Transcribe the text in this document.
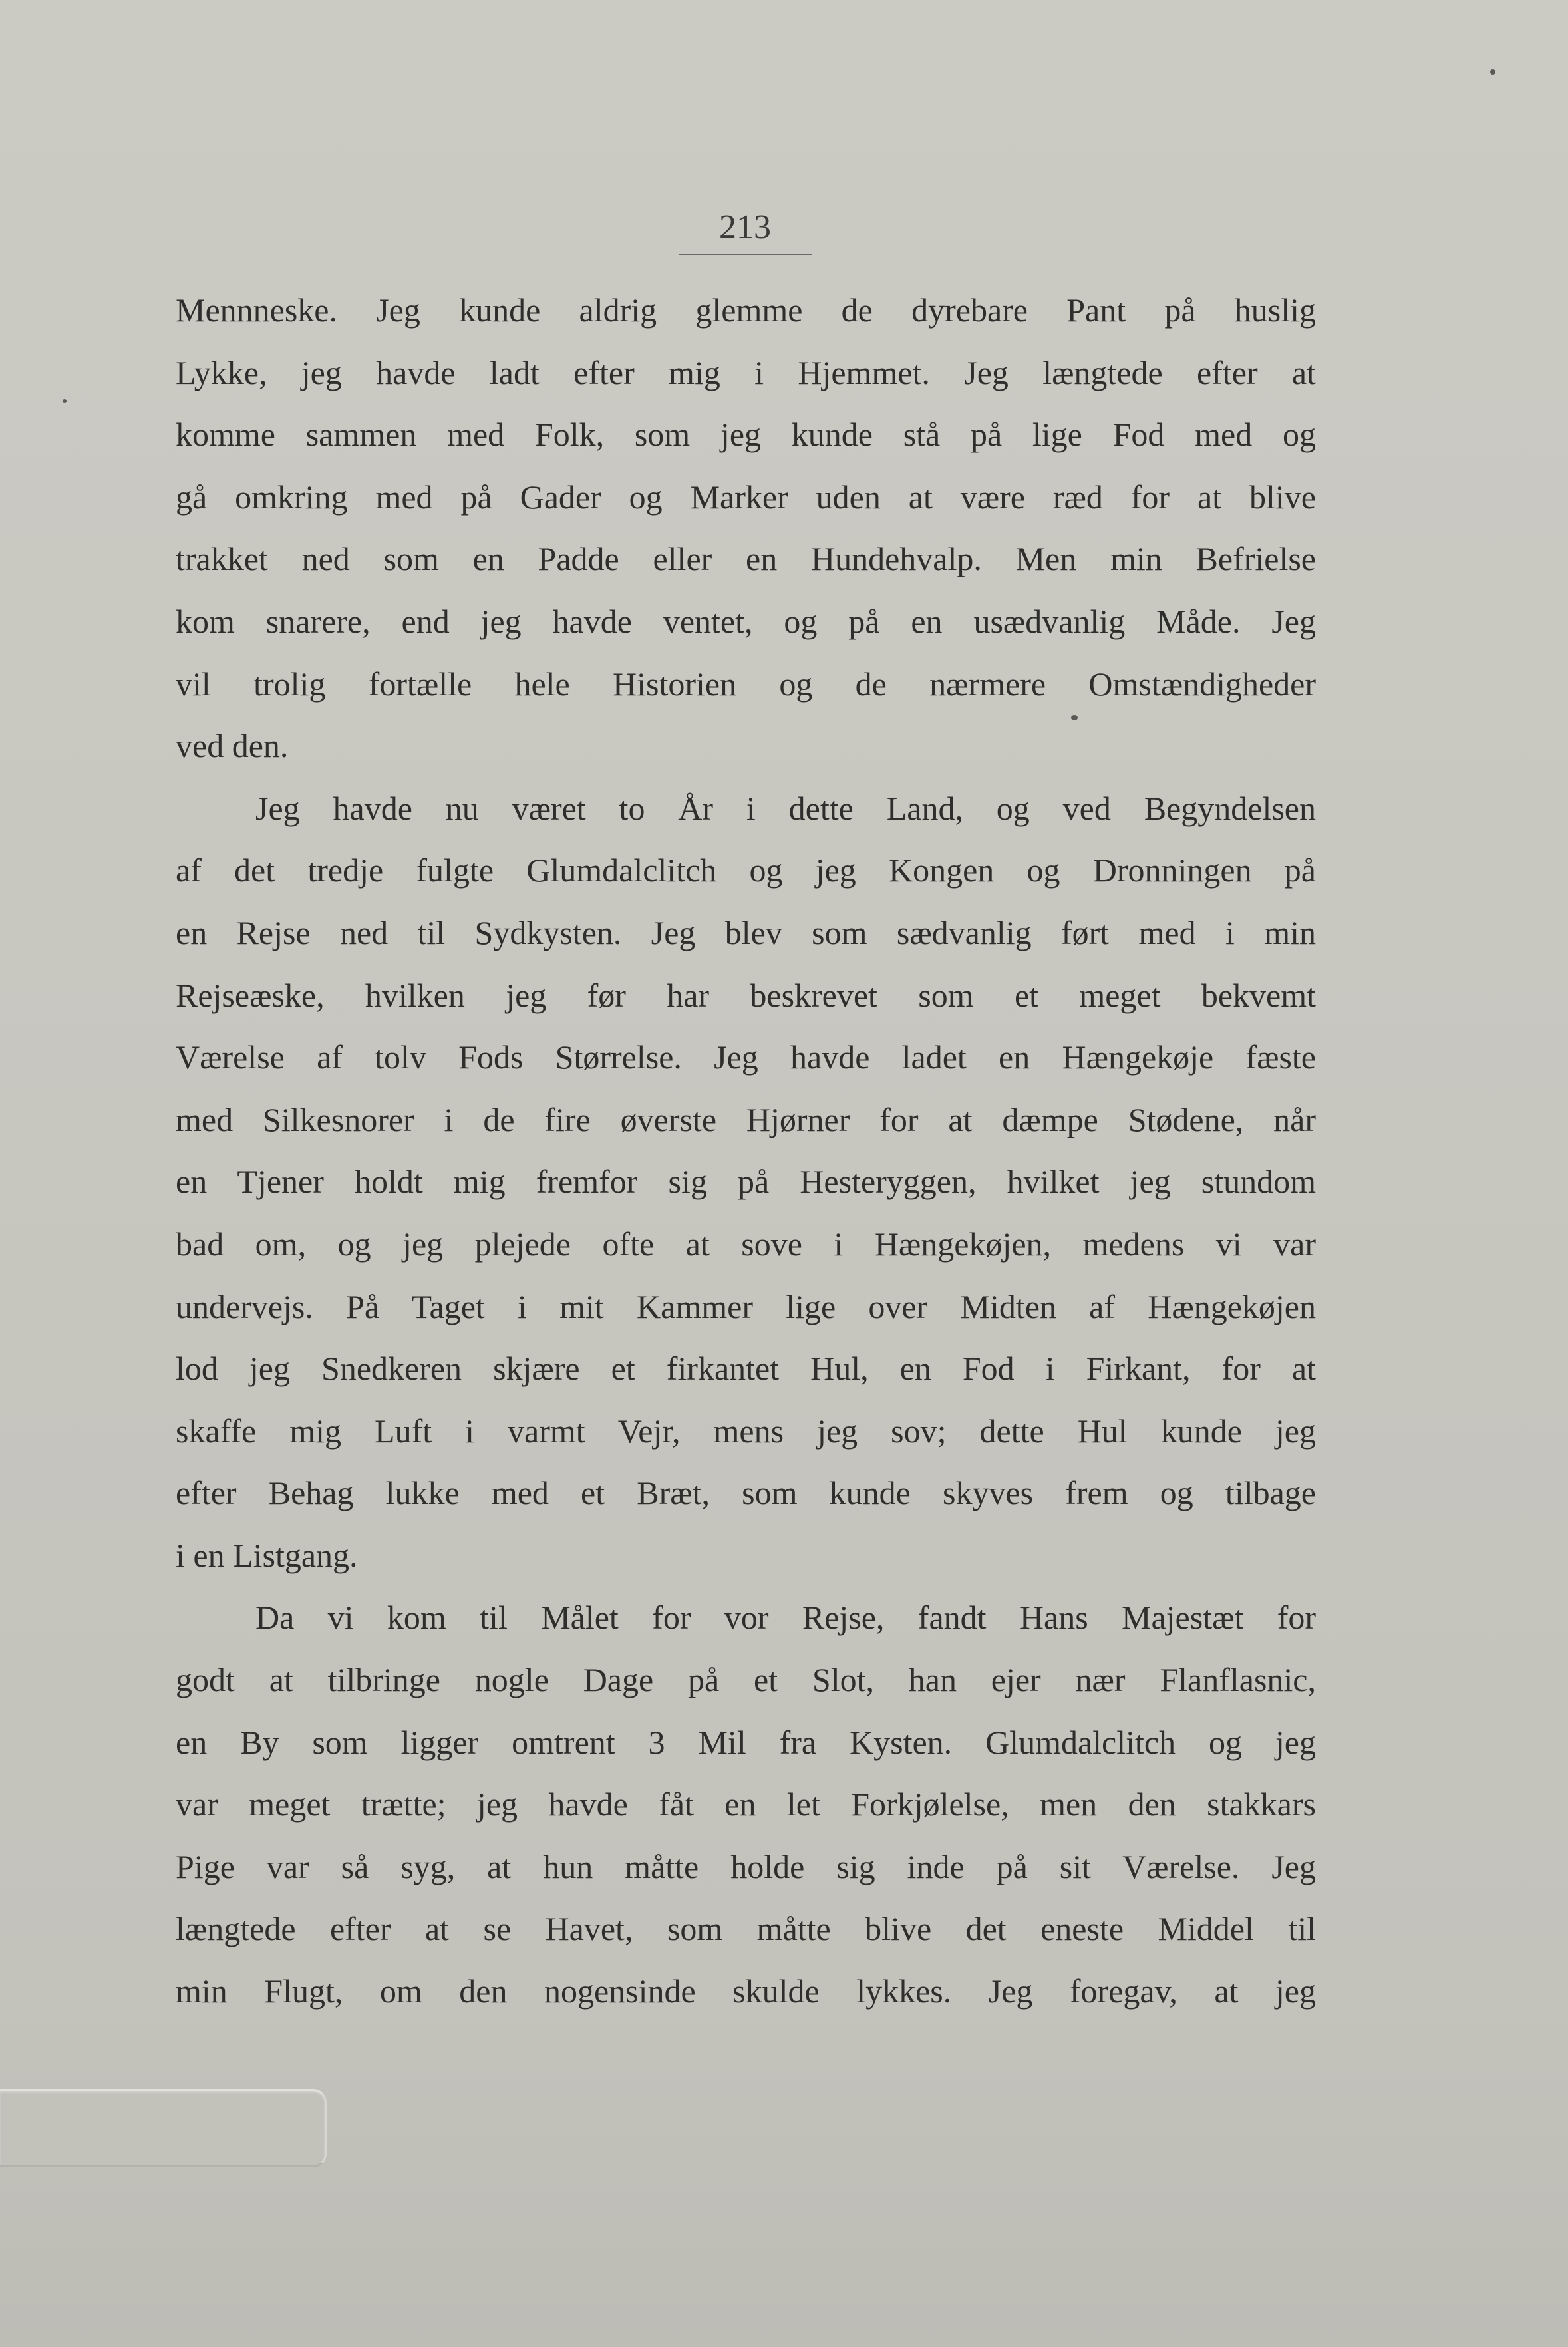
213
Mennneske. Jeg kunde aldrig glemme de dyrebare Pant på huslig
Lykke, jeg havde ladt efter mig i Hjemmet. Jeg længtede efter at
komme sammen med Folk, som jeg kunde stå på lige Fod med og
gå omkring med på Gader og Marker uden at være ræd for at blive
trakket ned som en Padde eller en Hundehvalp. Men min Befrielse
kom snarere, end jeg havde ventet, og på en usædvanlig Måde. Jeg
vil trolig fortælle hele Historien og de nærmere Omstændigheder
ved den.
Jeg havde nu været to År i dette Land, og ved Begyndelsen
af det tredje fulgte Glumdalclitch og jeg Kongen og Dronningen på
en Rejse ned til Sydkysten. Jeg blev som sædvanlig ført med i min
Rejseæske, hvilken jeg før har beskrevet som et meget bekvemt
Værelse af tolv Fods Størrelse. Jeg havde ladet en Hængekøje fæste
med Silkesnorer i de fire øverste Hjørner for at dæmpe Stødene, når
en Tjener holdt mig fremfor sig på Hesteryggen, hvilket jeg stundom
bad om, og jeg plejede ofte at sove i Hængekøjen, medens vi var
undervejs. På Taget i mit Kammer lige over Midten af Hængekøjen
lod jeg Snedkeren skjære et firkantet Hul, en Fod i Firkant, for at
skaffe mig Luft i varmt Vejr, mens jeg sov; dette Hul kunde jeg
efter Behag lukke med et Bræt, som kunde skyves frem og tilbage
i en Listgang.
Da vi kom til Målet for vor Rejse, fandt Hans Majestæt for
godt at tilbringe nogle Dage på et Slot, han ejer nær Flanflasnic,
en By som ligger omtrent 3 Mil fra Kysten. Glumdalclitch og jeg
var meget trætte; jeg havde fåt en let Forkjølelse, men den stakkars
Pige var så syg, at hun måtte holde sig inde på sit Værelse. Jeg
længtede efter at se Havet, som måtte blive det eneste Middel til
min Flugt, om den nogensinde skulde lykkes. Jeg foregav, at jeg
